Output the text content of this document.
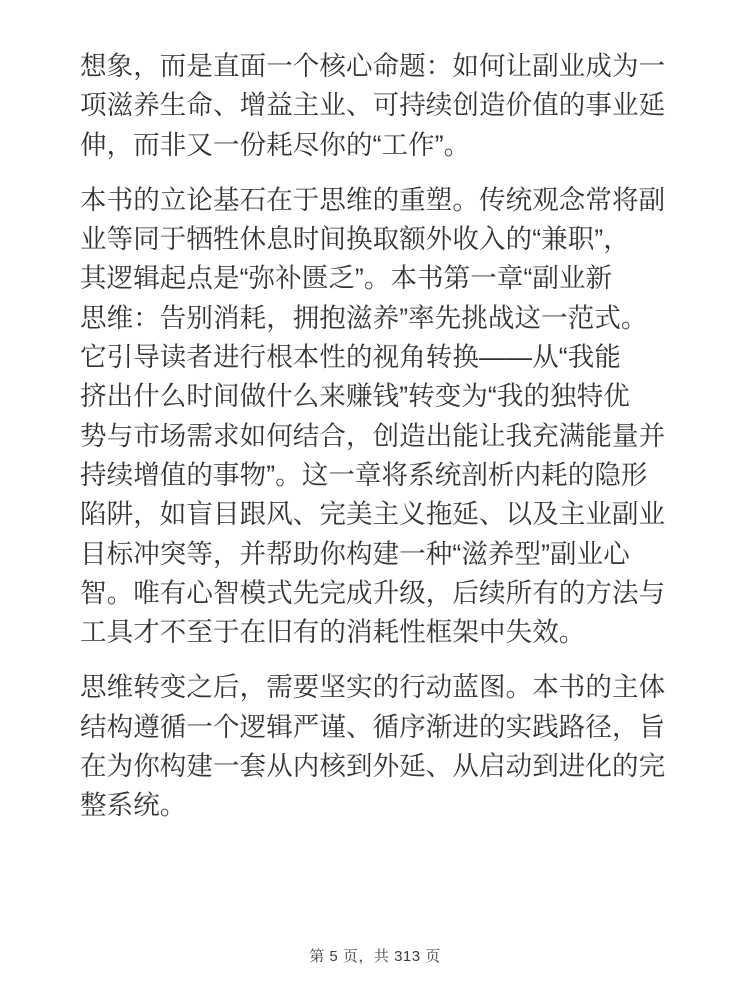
想象，而是直面一个核心命题：如何让副业成为一
项滋养生命、增益主业、可持续创造价值的事业延
伸，而非又一份耗尽你的“工作”。
本书的立论基石在于思维的重塑。传统观念常将副
业等同于牺牲休息时间换取额外收入的“兼职”，
其逻辑起点是“弥补匮乏”。本书第一章“副业新
思维：告别消耗，拥抱滋养”率先挑战这一范式。
它引导读者进行根本性的视角转换——从“我能
挤出什么时间做什么来赚钱”转变为“我的独特优
势与市场需求如何结合，创造出能让我充满能量并
持续增值的事物”。这一章将系统剖析内耗的隐形
陷阱，如盲目跟风、完美主义拖延、以及主业副业
目标冲突等，并帮助你构建一种“滋养型”副业心
智。唯有心智模式先完成升级，后续所有的方法与
工具才不至于在旧有的消耗性框架中失效。
思维转变之后，需要坚实的行动蓝图。本书的主体
结构遵循一个逻辑严谨、循序渐进的实践路径，旨
在为你构建一套从内核到外延、从启动到进化的完
整系统。
第 5 页，共 313 页
